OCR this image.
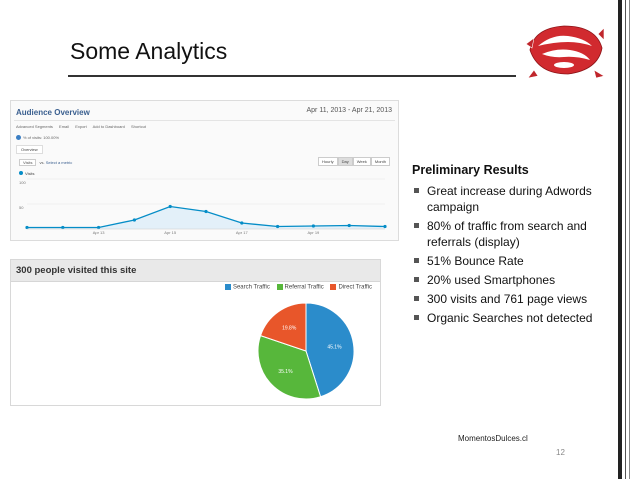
Some Analytics
Audience Overview	Apr 11, 2013 - Apr 21, 2013
Advanced Segments Email Export Add to Dashboard Shortcut
% of visits: 100.00%
Overview
Visits vs. Select a metric	Hourly	Day	Week	Month
Visits
100
50
Apr 13	Apr 15	Apr 17	Apr 19
45.1%
35.1%
19.8%
300 people visited this site
Search Traffic Referral Traffic Direct Traffic
Preliminary Results
Great increase during Adwords campaign
80% of traffic from search and referrals (display)
51% Bounce Rate
20% used Smartphones
300 visits and 761 page views
Organic Searches not detected
MomentosDulces.cl
12
